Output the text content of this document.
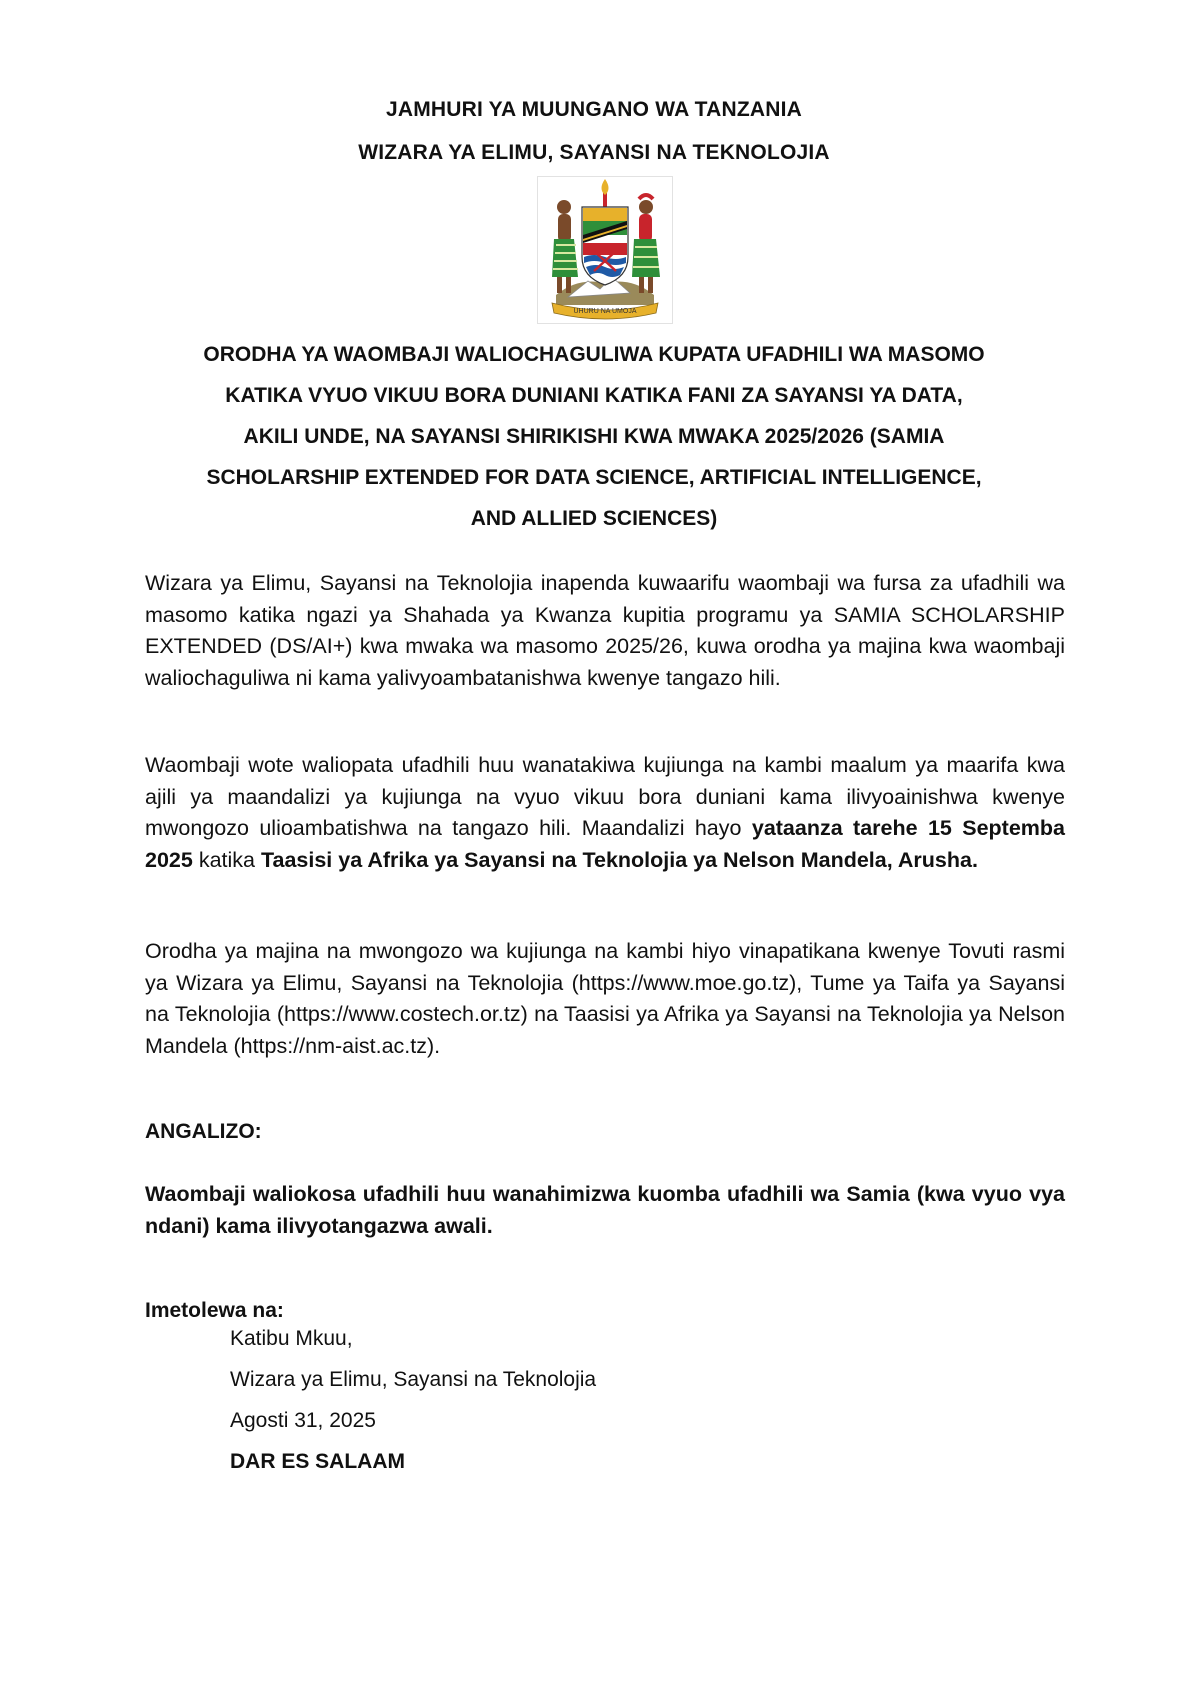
JAMHURI YA MUUNGANO WA TANZANIA
WIZARA YA ELIMU, SAYANSI NA TEKNOLOJIA
UHURU NA UMOJA
ORODHA YA WAOMBAJI WALIOCHAGULIWA KUPATA UFADHILI WA MASOMO
KATIKA VYUO VIKUU BORA DUNIANI KATIKA FANI ZA SAYANSI YA DATA,
AKILI UNDE, NA SAYANSI SHIRIKISHI KWA MWAKA 2025/2026 (SAMIA
SCHOLARSHIP EXTENDED FOR DATA SCIENCE, ARTIFICIAL INTELLIGENCE,
AND ALLIED SCIENCES)

Wizara ya Elimu, Sayansi na Teknolojia inapenda kuwaarifu waombaji wa fursa za ufadhili wa masomo katika ngazi ya Shahada ya Kwanza kupitia programu ya SAMIA SCHOLARSHIP EXTENDED (DS/AI+) kwa mwaka wa masomo 2025/26, kuwa orodha ya majina kwa waombaji waliochaguliwa ni kama yalivyoambatanishwa kwenye tangazo hili.

Waombaji wote waliopata ufadhili huu wanatakiwa kujiunga na kambi maalum ya maarifa kwa ajili ya maandalizi ya kujiunga na vyuo vikuu bora duniani kama ilivyoainishwa kwenye mwongozo ulioambatishwa na tangazo hili. Maandalizi hayo yataanza tarehe 15 Septemba 2025 katika Taasisi ya Afrika ya Sayansi na Teknolojia ya Nelson Mandela, Arusha.

Orodha ya majina na mwongozo wa kujiunga na kambi hiyo vinapatikana kwenye Tovuti rasmi ya Wizara ya Elimu, Sayansi na Teknolojia (https://www.moe.go.tz), Tume ya Taifa ya Sayansi na Teknolojia (https://www.costech.or.tz) na Taasisi ya Afrika ya Sayansi na Teknolojia ya Nelson Mandela (https://nm-aist.ac.tz).

ANGALIZO:

Waombaji waliokosa ufadhili huu wanahimizwa kuomba ufadhili wa Samia (kwa vyuo vya ndani) kama ilivyotangazwa awali.

Imetolewa na:
Katibu Mkuu,
Wizara ya Elimu, Sayansi na Teknolojia
Agosti 31, 2025
DAR ES SALAAM
